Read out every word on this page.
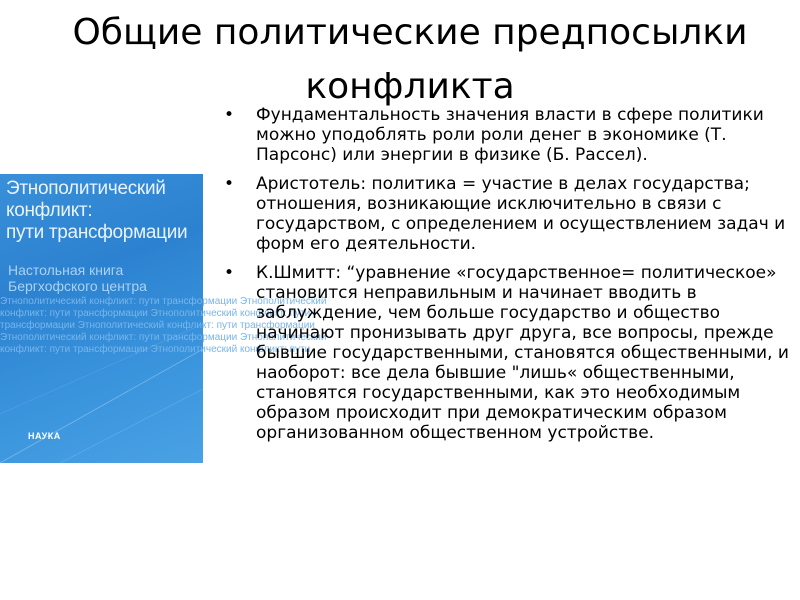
Общие политические предпосылки конфликта
Этнополитический
конфликт:
пути трансформации
Настольная книга
Бергхофского центра
Этнополитический конфликт: пути трансформации Этнополитический
конфликт: пути трансформации Этнополитический конфликт: пути
трансформации Этнополитический конфликт: пути трансформации
Этнополитический конфликт: пути трансформации Этнополитический
конфликт: пути трансформации Этнополитический конфликт: пути
НАУКА
• Фундаментальность значения власти в сфере политики можно уподоблять роли роли денег в экономике (Т. Парсонс) или энергии в физике (Б. Рассел).
• Аристотель: политика = участие в делах государства; отношения, возникающие исключительно в связи с государством, с определением и осуществлением задач и форм его деятельности.
• К.Шмитт: “уравнение «государственное= политическое» становится неправильным и начинает вводить в заблуждение, чем больше государство и общество начинают пронизывать друг друга, все вопросы, прежде бывшие государственными, становятся общественными, и наоборот: все дела бывшие "лишь« общественными, становятся государственными, как это необходимым образом происходит при демократическим образом организованном общественном устройстве.
